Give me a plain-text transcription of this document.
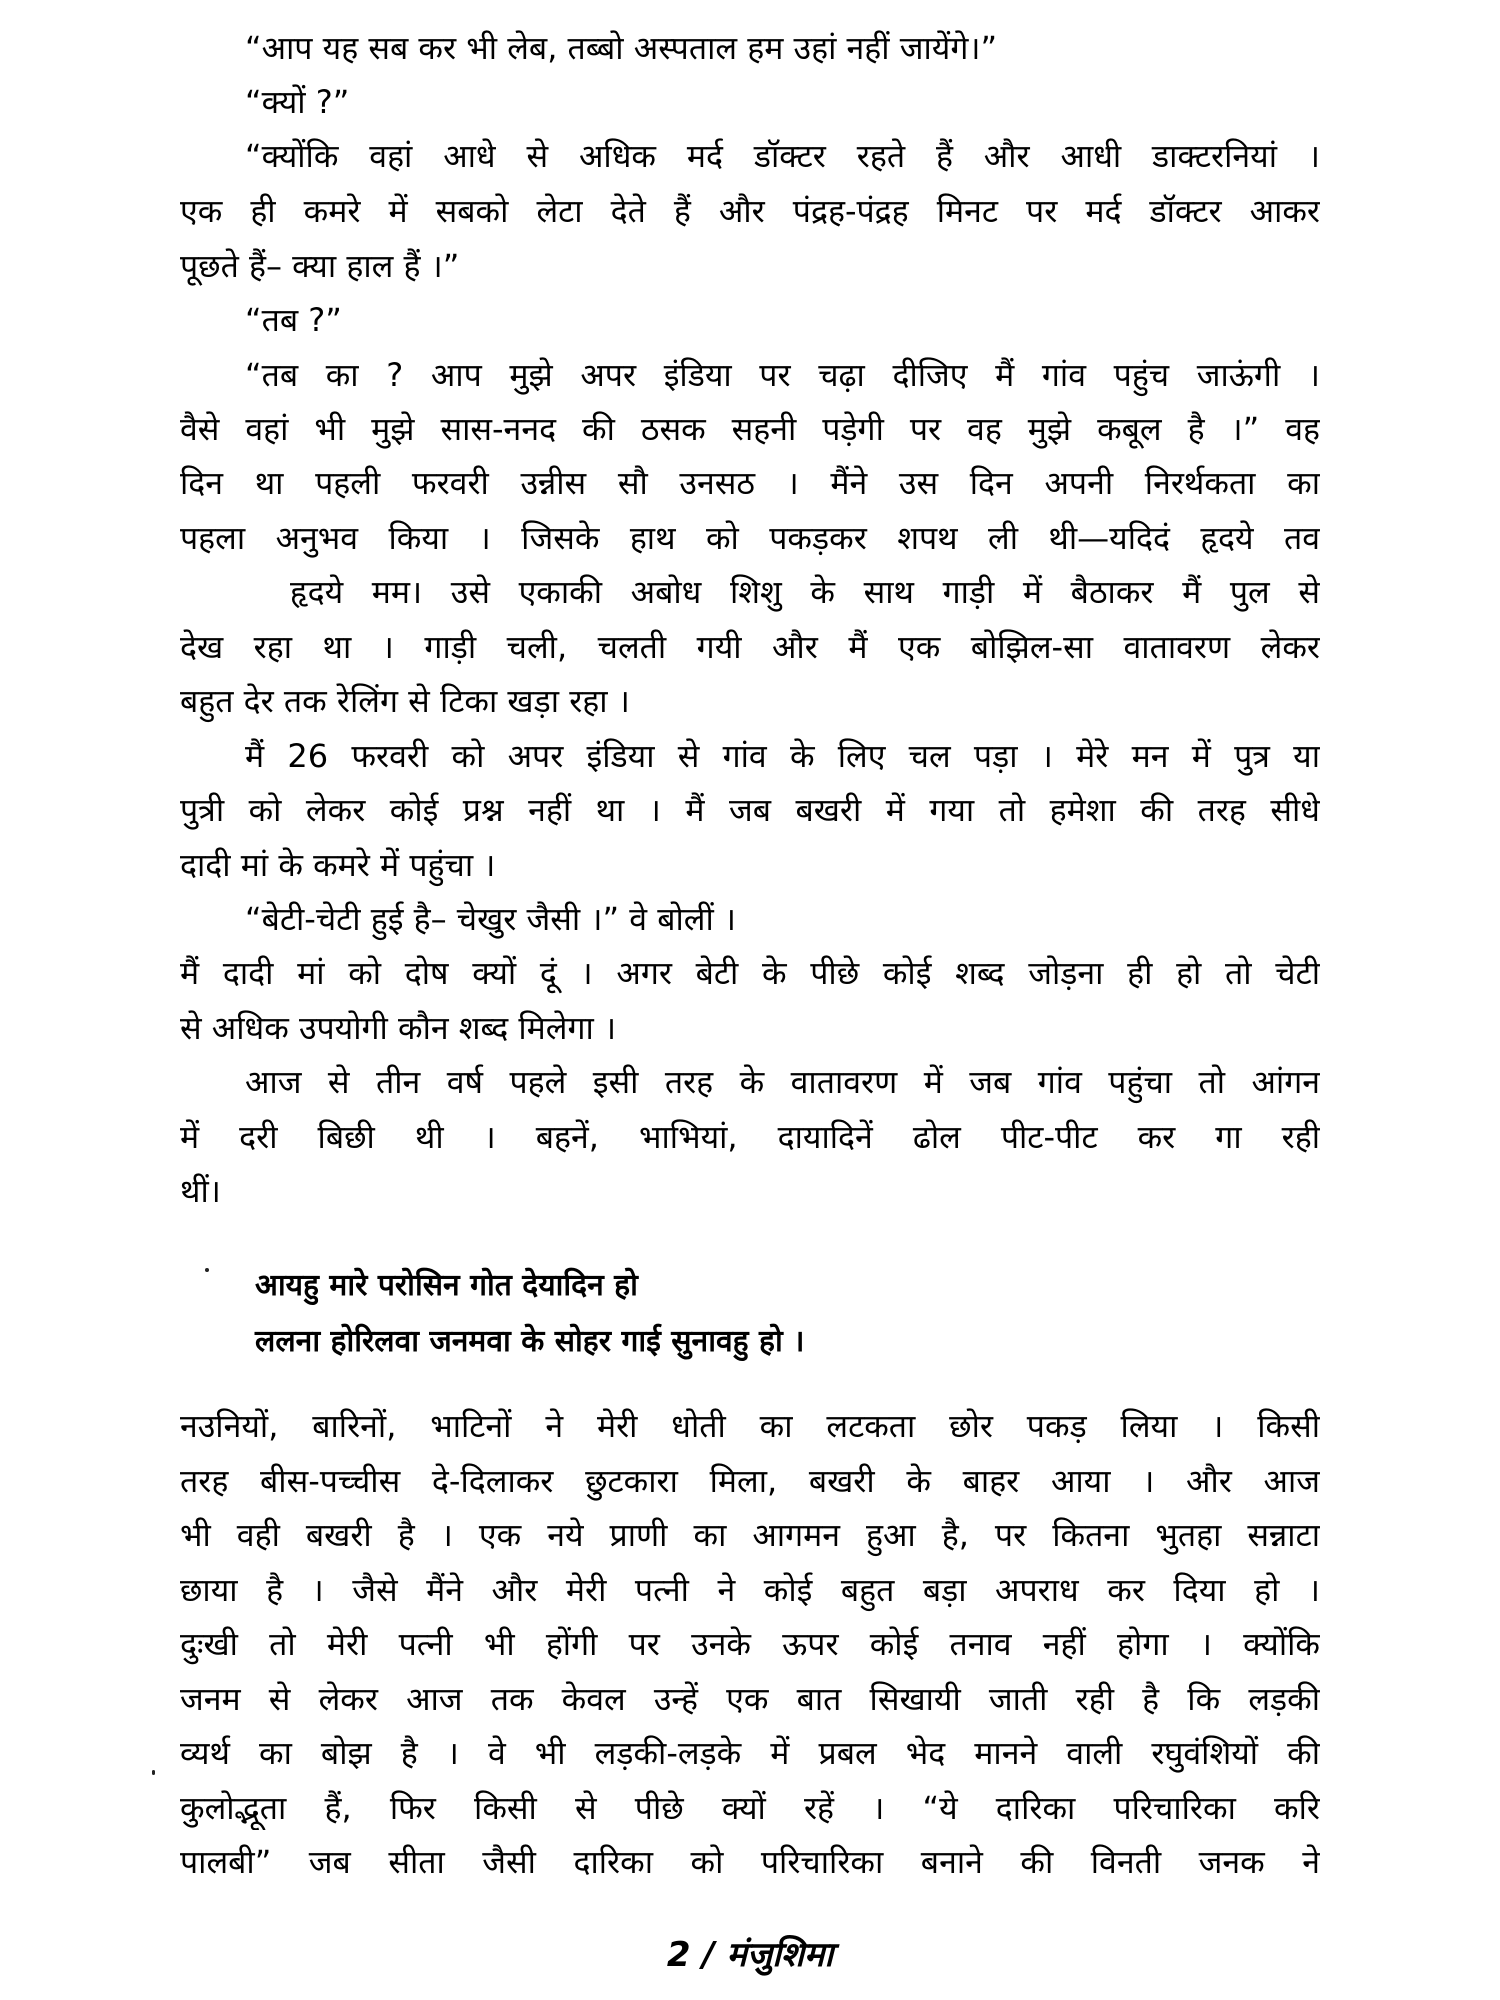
“आप यह सब कर भी लेब, तब्बो अस्पताल हम उहां नहीं जायेंगे।”
“क्यों ?”
“क्योंकि वहां आधे से अधिक मर्द डॉक्टर रहते हैं और आधी डाक्टरनियां ।
एक ही कमरे में सबको लेटा देते हैं और पंद्रह-पंद्रह मिनट पर मर्द डॉक्टर आकर
पूछते हैं– क्या हाल हैं ।”
“तब ?”
“तब का ? आप मुझे अपर इंडिया पर चढ़ा दीजिए मैं गांव पहुंच जाऊंगी ।
वैसे वहां भी मुझे सास-ननद की ठसक सहनी पड़ेगी पर वह मुझे कबूल है ।” वह
दिन था पहली फरवरी उन्नीस सौ उनसठ । मैंने उस दिन अपनी निरर्थकता का
पहला अनुभव किया । जिसके हाथ को पकड़कर शपथ ली थी—यदिदं हृदये तव
हृदये मम। उसे एकाकी अबोध शिशु के साथ गाड़ी में बैठाकर मैं पुल से
देख रहा था । गाड़ी चली, चलती गयी और मैं एक बोझिल-सा वातावरण लेकर
बहुत देर तक रेलिंग से टिका खड़ा रहा ।
मैं 26 फरवरी को अपर इंडिया से गांव के लिए चल पड़ा । मेरे मन में पुत्र या
पुत्री को लेकर कोई प्रश्न नहीं था । मैं जब बखरी में गया तो हमेशा की तरह सीधे
दादी मां के कमरे में पहुंचा ।
“बेटी-चेटी हुई है– चेखुर जैसी ।” वे बोलीं ।
मैं दादी मां को दोष क्यों दूं । अगर बेटी के पीछे कोई शब्द जोड़ना ही हो तो चेटी
से अधिक उपयोगी कौन शब्द मिलेगा ।
आज से तीन वर्ष पहले इसी तरह के वातावरण में जब गांव पहुंचा तो आंगन
में दरी बिछी थी । बहनें, भाभियां, दायादिनें ढोल पीट-पीट कर गा रही
थीं।
आयहु मारे परोसिन गोत देयादिन हो
ललना होरिलवा जनमवा के सोहर गाई सुनावहु हो ।
नउनियों, बारिनों, भाटिनों ने मेरी धोती का लटकता छोर पकड़ लिया । किसी
तरह बीस-पच्चीस दे-दिलाकर छुटकारा मिला, बखरी के बाहर आया । और आज
भी वही बखरी है । एक नये प्राणी का आगमन हुआ है, पर कितना भुतहा सन्नाटा
छाया है । जैसे मैंने और मेरी पत्नी ने कोई बहुत बड़ा अपराध कर दिया हो ।
दुःखी तो मेरी पत्नी भी होंगी पर उनके ऊपर कोई तनाव नहीं होगा । क्योंकि
जनम से लेकर आज तक केवल उन्हें एक बात सिखायी जाती रही है कि लड़की
व्यर्थ का बोझ है । वे भी लड़की-लड़के में प्रबल भेद मानने वाली रघुवंशियों की
कुलोद्भूता हैं, फिर किसी से पीछे क्यों रहें । “ये दारिका परिचारिका करि
पालबी” जब सीता जैसी दारिका को परिचारिका बनाने की विनती जनक ने
2 / मंजुशिमा
